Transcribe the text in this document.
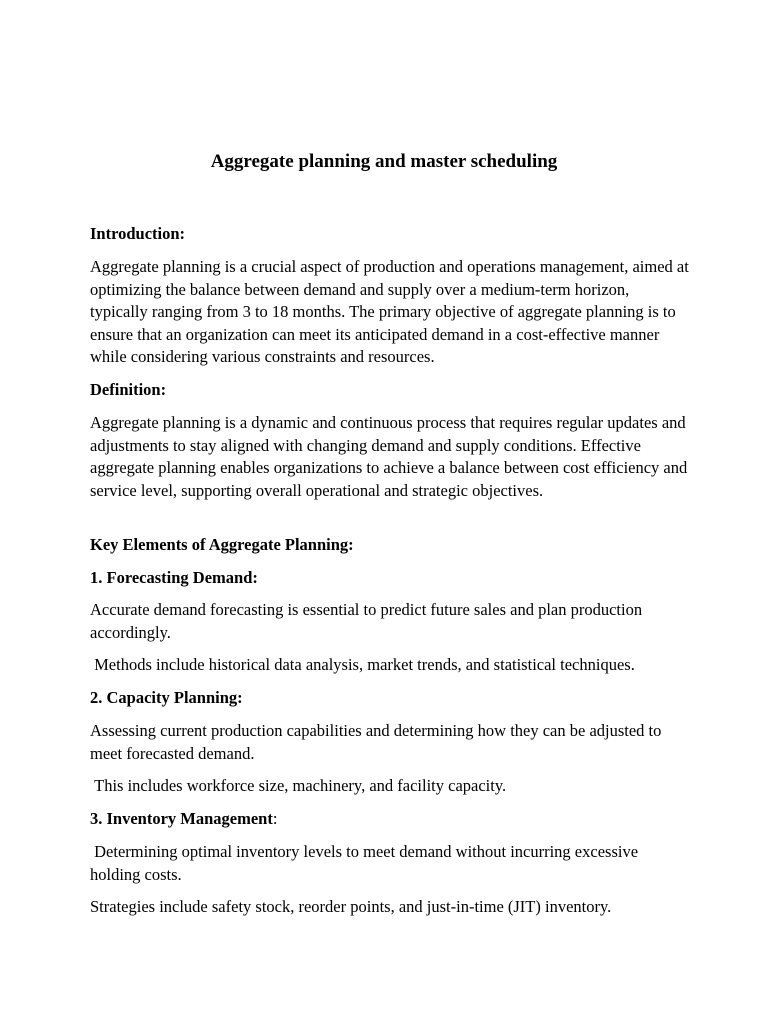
Aggregate planning and master scheduling

Introduction:

Aggregate planning is a crucial aspect of production and operations management, aimed at optimizing the balance between demand and supply over a medium-term horizon, typically ranging from 3 to 18 months. The primary objective of aggregate planning is to ensure that an organization can meet its anticipated demand in a cost-effective manner while considering various constraints and resources.

Definition:

Aggregate planning is a dynamic and continuous process that requires regular updates and adjustments to stay aligned with changing demand and supply conditions. Effective aggregate planning enables organizations to achieve a balance between cost efficiency and service level, supporting overall operational and strategic objectives.

Key Elements of Aggregate Planning:

1. Forecasting Demand:

Accurate demand forecasting is essential to predict future sales and plan production accordingly.

Methods include historical data analysis, market trends, and statistical techniques.

2. Capacity Planning:

Assessing current production capabilities and determining how they can be adjusted to meet forecasted demand.

This includes workforce size, machinery, and facility capacity.

3. Inventory Management:

Determining optimal inventory levels to meet demand without incurring excessive holding costs.

Strategies include safety stock, reorder points, and just-in-time (JIT) inventory.
